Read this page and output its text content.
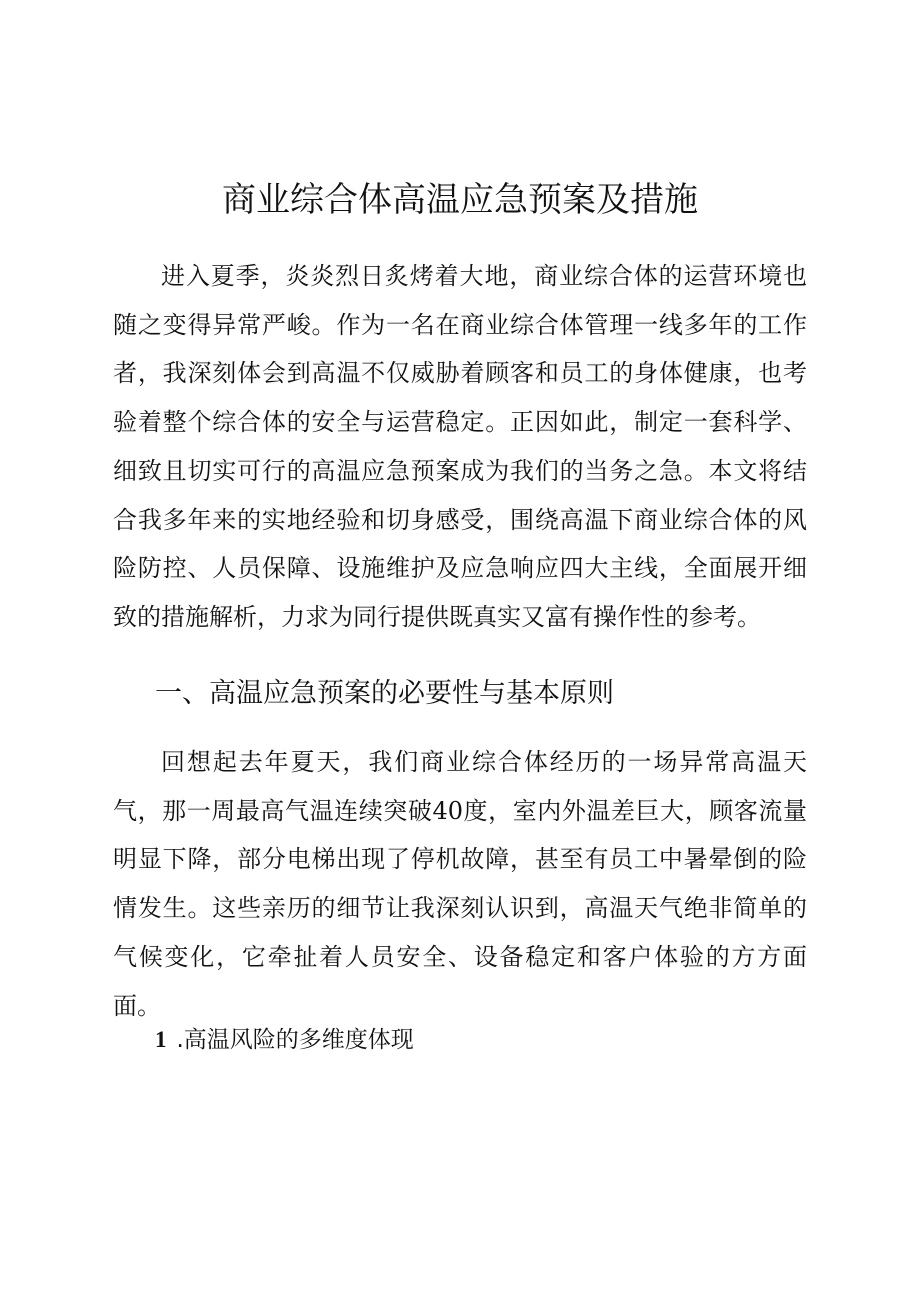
商业综合体高温应急预案及措施

进入夏季，炎炎烈日炙烤着大地，商业综合体的运营环境也随之变得异常严峻。作为一名在商业综合体管理一线多年的工作者，我深刻体会到高温不仅威胁着顾客和员工的身体健康，也考验着整个综合体的安全与运营稳定。正因如此，制定一套科学、细致且切实可行的高温应急预案成为我们的当务之急。本文将结合我多年来的实地经验和切身感受，围绕高温下商业综合体的风险防控、人员保障、设施维护及应急响应四大主线，全面展开细致的措施解析，力求为同行提供既真实又富有操作性的参考。

一、高温应急预案的必要性与基本原则

回想起去年夏天，我们商业综合体经历的一场异常高温天气，那一周最高气温连续突破40度，室内外温差巨大，顾客流量明显下降，部分电梯出现了停机故障，甚至有员工中暑晕倒的险情发生。这些亲历的细节让我深刻认识到，高温天气绝非简单的气候变化，它牵扯着人员安全、设备稳定和客户体验的方方面面。

1 .高温风险的多维度体现
